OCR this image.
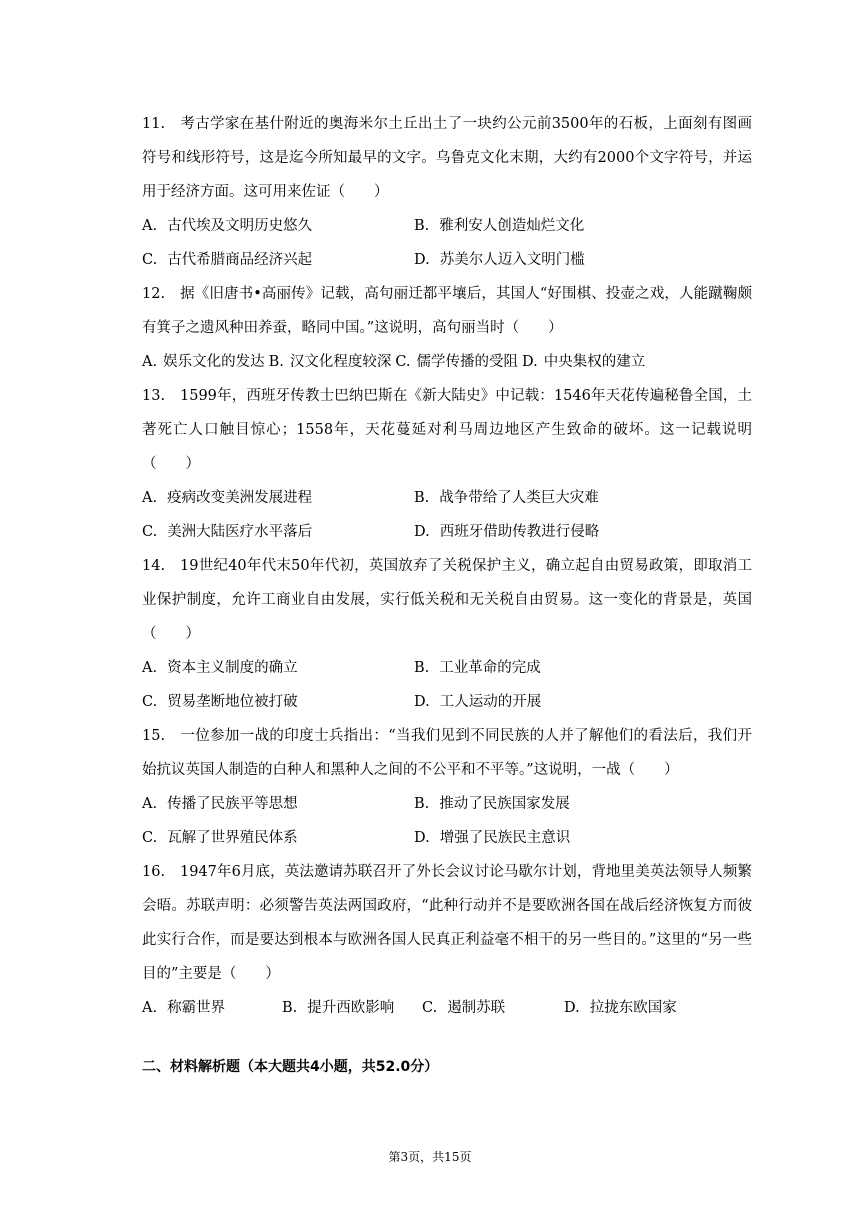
11. 考古学家在基什附近的奥海米尔土丘出土了一块约公元前3500年的石板，上面刻有图画符号和线形符号，这是迄今所知最早的文字。乌鲁克文化末期，大约有2000个文字符号，并运用于经济方面。这可用来佐证（　　）
A. 古代埃及文明历史悠久	B. 雅利安人创造灿烂文化
C. 古代希腊商品经济兴起	D. 苏美尔人迈入文明门槛
12. 据《旧唐书•高丽传》记载，高句丽迁都平壤后，其国人“好围棋、投壶之戏，人能蹴鞠颇有箕子之遗风种田养蚕，略同中国。”这说明，高句丽当时（　　）
A. 娱乐文化的发达 B. 汉文化程度较深 C. 儒学传播的受阻 D. 中央集权的建立
13. 1599年，西班牙传教士巴纳巴斯在《新大陆史》中记载：1546年天花传遍秘鲁全国，土著死亡人口触目惊心；1558年，天花蔓延对利马周边地区产生致命的破坏。这一记载说明（　　）
A. 疫病改变美洲发展进程	B. 战争带给了人类巨大灾难
C. 美洲大陆医疗水平落后	D. 西班牙借助传教进行侵略
14. 19世纪40年代末50年代初，英国放弃了关税保护主义，确立起自由贸易政策，即取消工业保护制度，允许工商业自由发展，实行低关税和无关税自由贸易。这一变化的背景是，英国（　　）
A. 资本主义制度的确立	B. 工业革命的完成
C. 贸易垄断地位被打破	D. 工人运动的开展
15. 一位参加一战的印度士兵指出：“当我们见到不同民族的人并了解他们的看法后，我们开始抗议英国人制造的白种人和黑种人之间的不公平和不平等。”这说明，一战（　　）
A. 传播了民族平等思想	B. 推动了民族国家发展
C. 瓦解了世界殖民体系	D. 增强了民族民主意识
16. 1947年6月底，英法邀请苏联召开了外长会议讨论马歇尔计划，背地里美英法领导人频繁会晤。苏联声明：必须警告英法两国政府，“此种行动并不是要欧洲各国在战后经济恢复方而彼此实行合作，而是要达到根本与欧洲各国人民真正利益毫不相干的另一些目的。”这里的“另一些目的”主要是（　　）
A. 称霸世界	B. 提升西欧影响	C. 遏制苏联	D. 拉拢东欧国家
二、材料解析题（本大题共4小题，共52.0分）
第3页，共15页
